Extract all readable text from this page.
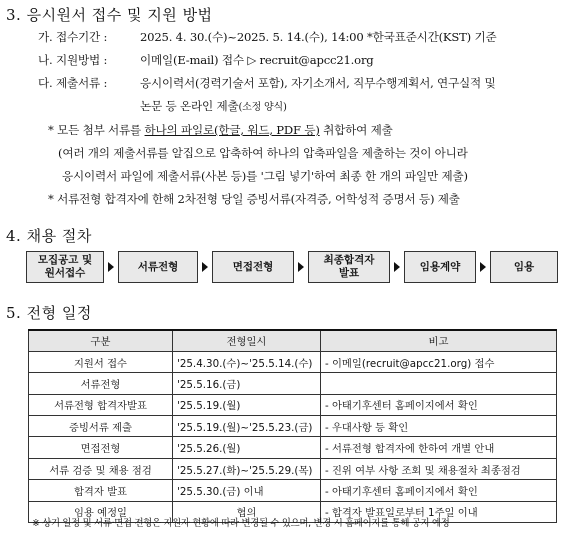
3. 응시원서 접수 및 지원 방법
가. 접수기간 :	2025. 4. 30.(수)~2025. 5. 14.(수), 14:00 *한국표준시간(KST) 기준
나. 지원방법 :	이메일(E-mail) 접수 ▷ recruit@apcc21.org
다. 제출서류 :	응시이력서(경력기술서 포함), 자기소개서, 직무수행계획서, 연구실적 및
논문 등 온라인 제출(소정 양식)
* 모든 첨부 서류를 하나의 파일로(한글, 워드, PDF 등) 취합하여 제출
(여러 개의 제출서류를 알집으로 압축하여 하나의 압축파일을 제출하는 것이 아니라
응시이력서 파일에 제출서류(사본 등)를 '그림 넣기'하여 최종 한 개의 파일만 제출)
* 서류전형 합격자에 한해 2차전형 당일 증빙서류(자격증, 어학성적 증명서 등) 제출
4. 채용 절차
모집공고 및
원서접수
서류전형	면접전형
최종합격자
발표
임용계약	임용
5. 전형 일정
구분	전형일시	비고
지원서 접수	'25.4.30.(수)~'25.5.14.(수)	- 이메일(recruit@apcc21.org) 접수
서류전형	'25.5.16.(금)	
서류전형 합격자발표	'25.5.19.(월)	- 아태기후센터 홈페이지에서 확인
증빙서류 제출	'25.5.19.(월)~'25.5.23.(금)	- 우대사항 등 확인
면접전형	'25.5.26.(월)	- 서류전형 합격자에 한하여 개별 안내
서류 검증 및 채용 점검	'25.5.27.(화)~'25.5.29.(목)	- 진위 여부 사항 조회 및 채용절차 최종점검
합격자 발표	'25.5.30.(금) 이내	- 아태기후센터 홈페이지에서 확인
임용 예정일	협의	- 합격자 발표일로부터 1주일 이내
※ 상기 일정 및 서류·면접 전형은 지원자 현황에 따라 변경될 수 있으며, 변경 시 홈페이지를 통해 공지 예정
